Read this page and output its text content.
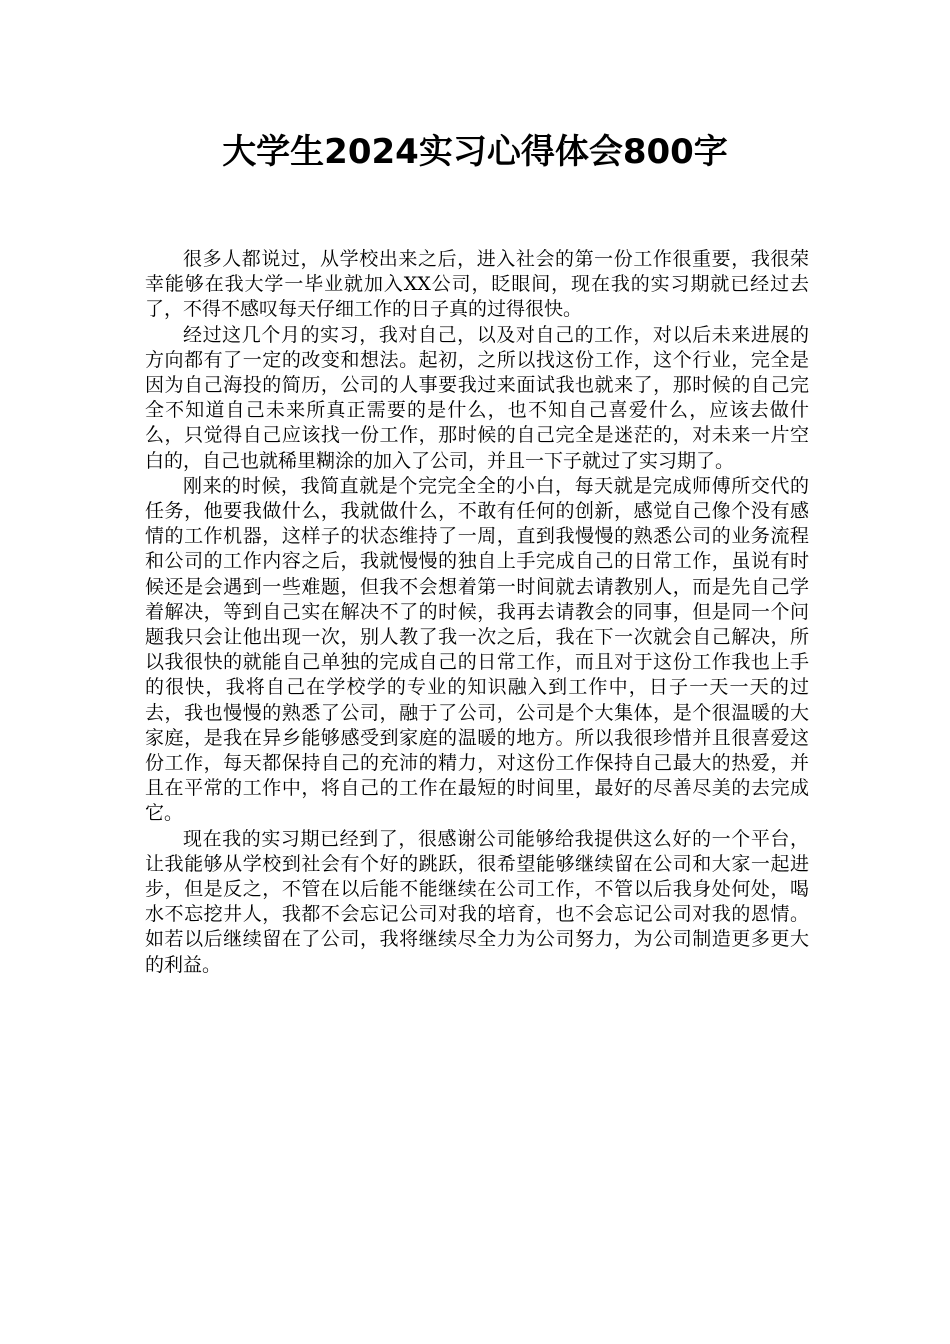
大学生2024实习心得体会800字

很多人都说过，从学校出来之后，进入社会的第一份工作很重要，我很荣幸能够在我大学一毕业就加入XX公司，眨眼间，现在我的实习期就已经过去了，不得不感叹每天仔细工作的日子真的过得很快。

经过这几个月的实习，我对自己，以及对自己的工作，对以后未来进展的方向都有了一定的改变和想法。起初，之所以找这份工作，这个行业，完全是因为自己海投的简历，公司的人事要我过来面试我也就来了，那时候的自己完全不知道自己未来所真正需要的是什么，也不知自己喜爱什么，应该去做什么，只觉得自己应该找一份工作，那时候的自己完全是迷茫的，对未来一片空白的，自己也就稀里糊涂的加入了公司，并且一下子就过了实习期了。

刚来的时候，我简直就是个完完全全的小白，每天就是完成师傅所交代的任务，他要我做什么，我就做什么，不敢有任何的创新，感觉自己像个没有感情的工作机器，这样子的状态维持了一周，直到我慢慢的熟悉公司的业务流程和公司的工作内容之后，我就慢慢的独自上手完成自己的日常工作，虽说有时候还是会遇到一些难题，但我不会想着第一时间就去请教别人，而是先自己学着解决，等到自己实在解决不了的时候，我再去请教会的同事，但是同一个问题我只会让他出现一次，别人教了我一次之后，我在下一次就会自己解决，所以我很快的就能自己单独的完成自己的日常工作，而且对于这份工作我也上手的很快，我将自己在学校学的专业的知识融入到工作中，日子一天一天的过去，我也慢慢的熟悉了公司，融于了公司，公司是个大集体，是个很温暖的大家庭，是我在异乡能够感受到家庭的温暖的地方。所以我很珍惜并且很喜爱这份工作，每天都保持自己的充沛的精力，对这份工作保持自己最大的热爱，并且在平常的工作中，将自己的工作在最短的时间里，最好的尽善尽美的去完成它。

现在我的实习期已经到了，很感谢公司能够给我提供这么好的一个平台，让我能够从学校到社会有个好的跳跃，很希望能够继续留在公司和大家一起进步，但是反之，不管在以后能不能继续在公司工作，不管以后我身处何处，喝水不忘挖井人，我都不会忘记公司对我的培育，也不会忘记公司对我的恩情。如若以后继续留在了公司，我将继续尽全力为公司努力，为公司制造更多更大的利益。
